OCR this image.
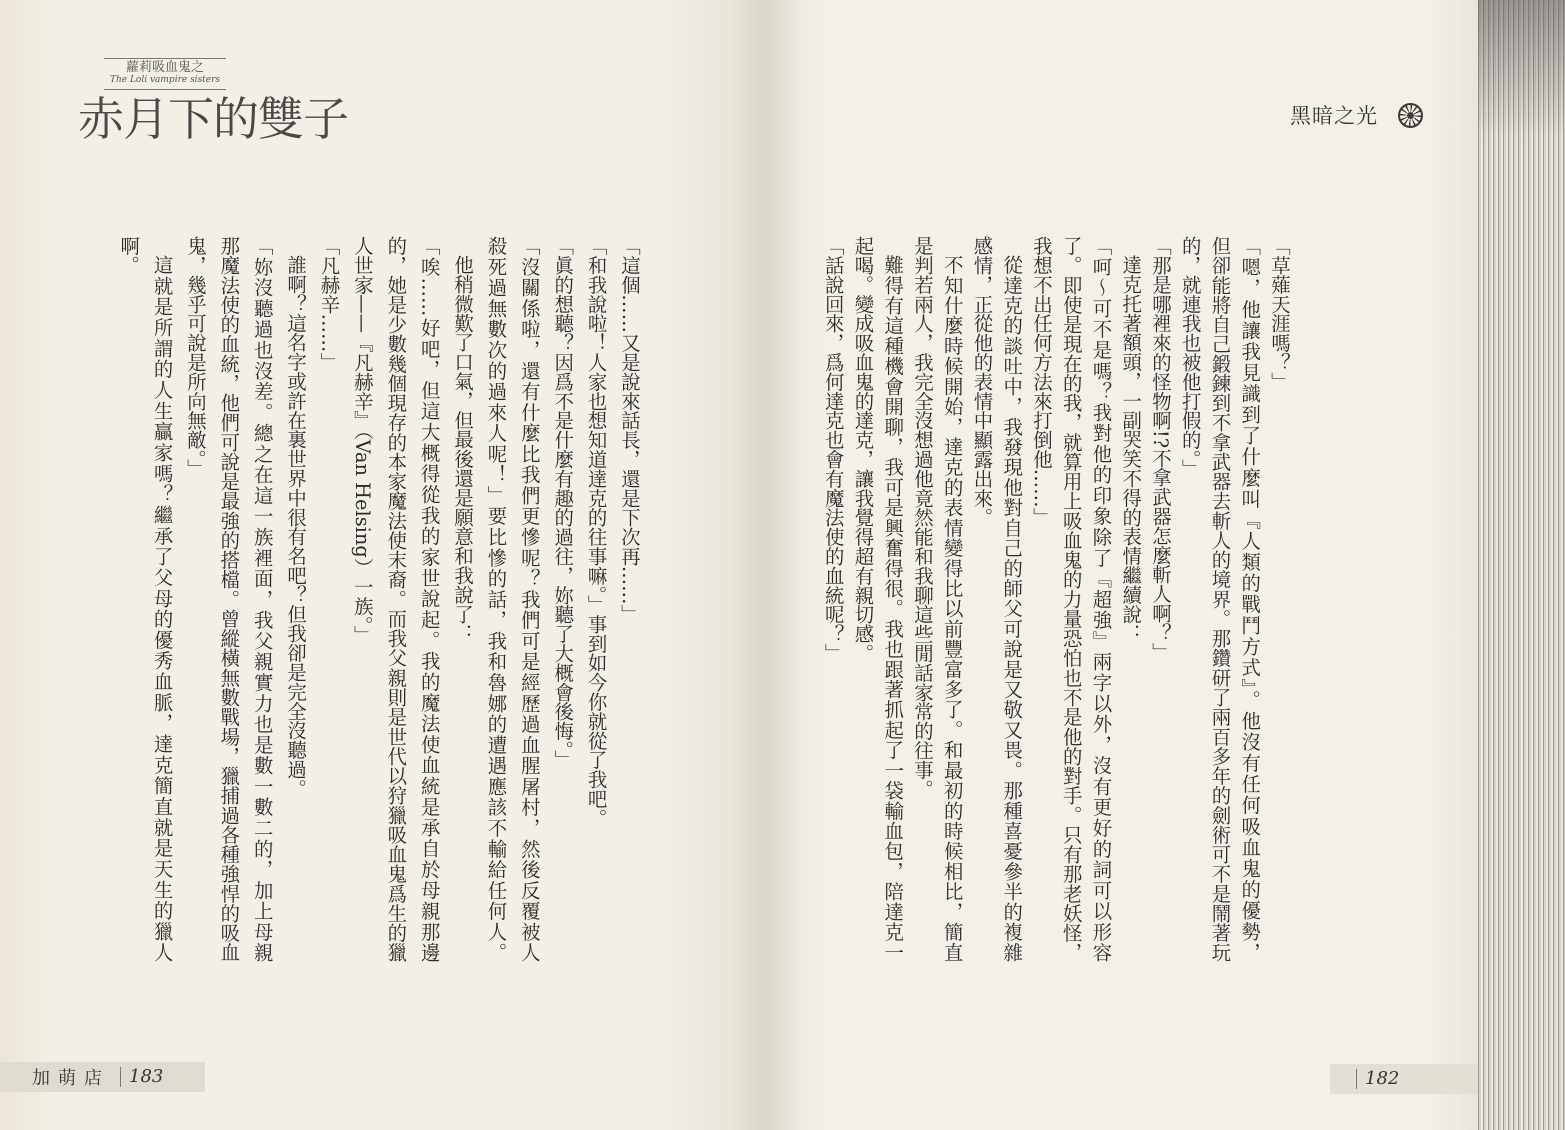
蘿莉吸血鬼之
The Loli vampire sisters
赤月下的雙子	黑暗之光
「這個……又是說來話長，還是下次再……」
「和我說啦！人家也想知道達克的往事嘛。」事到如今你就從了我吧。
「眞的想聽？因爲不是什麼有趣的過往，妳聽了大概會後悔。」
「沒關係啦，還有什麼比我們更慘呢？我們可是經歷過血腥屠村，然後反覆被人
殺死過無數次的過來人呢！」要比慘的話，我和魯娜的遭遇應該不輸給任何人。
他稍微歎了口氣，但最後還是願意和我說了：
「唉……好吧，但這大概得從我的家世說起。我的魔法使血統是承自於母親那邊
的，她是少數幾個現存的本家魔法使末裔。而我父親則是世代以狩獵吸血鬼爲生的獵
人世家——『凡赫辛』（Van Helsing）一族。」
「凡赫辛……」
誰啊？這名字或許在裏世界中很有名吧？但我卻是完全沒聽過。
「妳沒聽過也沒差。總之在這一族裡面，我父親實力也是數一數二的，加上母親
那魔法使的血統，他們可說是最強的搭檔。曾縱橫無數戰場，獵捕過各種強悍的吸血
鬼，幾乎可說是所向無敵。」
這就是所謂的人生贏家嗎？繼承了父母的優秀血脈，達克簡直就是天生的獵人
啊。	「草薙天涯嗎？」
「嗯，他讓我見識到了什麼叫『人類的戰鬥方式』。他沒有任何吸血鬼的優勢，
但卻能將自己鍛鍊到不拿武器去斬人的境界。那鑽研了兩百多年的劍術可不是鬧著玩
的，就連我也被他打假的。」
「那是哪裡來的怪物啊!?不拿武器怎麼斬人啊？」
達克托著額頭，一副哭笑不得的表情繼續說：
「呵～可不是嗎？我對他的印象除了『超強』兩字以外，沒有更好的詞可以形容
了。即使是現在的我，就算用上吸血鬼的力量恐怕也不是他的對手。只有那老妖怪，
我想不出任何方法來打倒他……」
從達克的談吐中，我發現他對自己的師父可說是又敬又畏。那種喜憂參半的複雜
感情，正從他的表情中顯露出來。
不知什麼時候開始，達克的表情變得比以前豐富多了。和最初的時候相比，簡直
是判若兩人，我完全沒想過他竟然能和我聊這些閒話家常的往事。
難得有這種機會開聊，我可是興奮得很。我也跟著抓起了一袋輸血包，陪達克一
起喝。變成吸血鬼的達克，讓我覺得超有親切感。
「話說回來，爲何達克也會有魔法使的血統呢？」
加萌店	183	182
